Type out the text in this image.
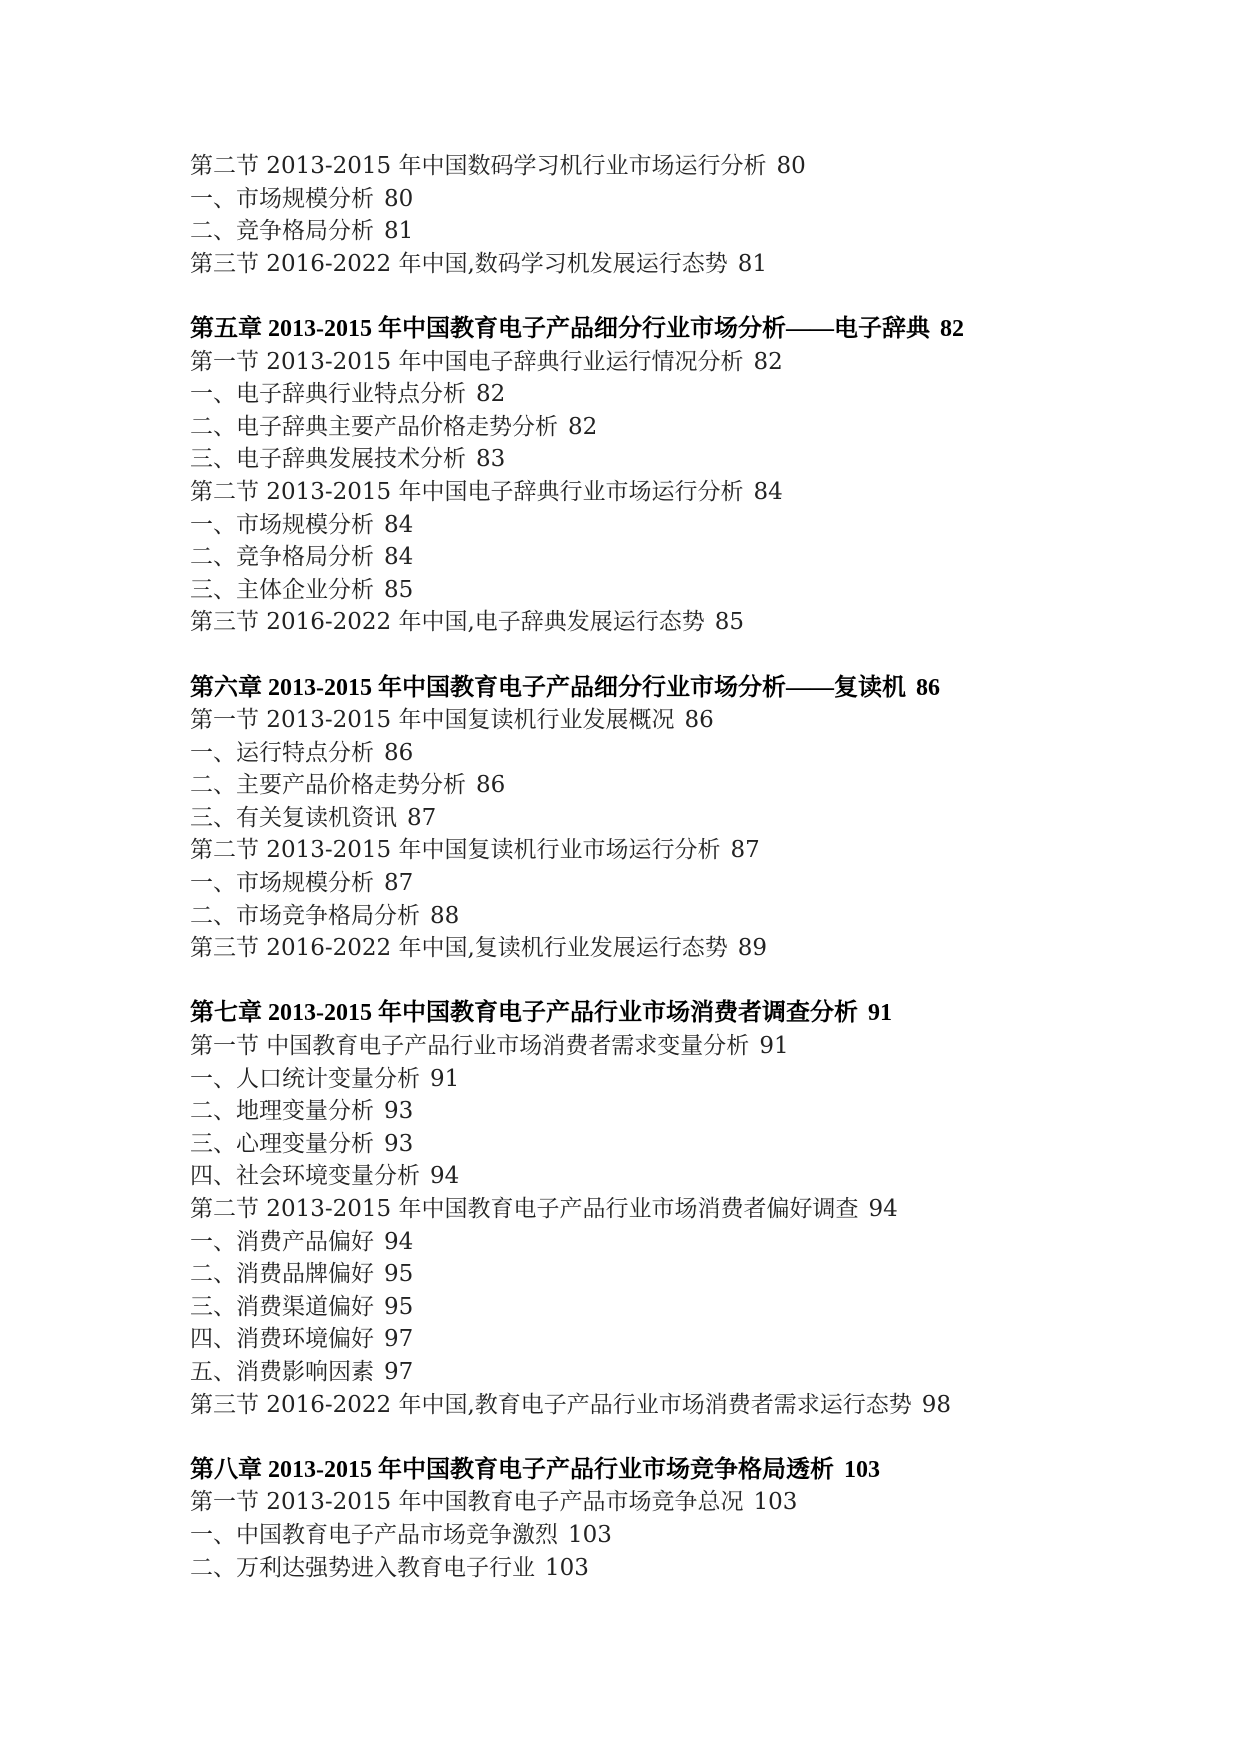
第二节 2013-2015 年中国数码学习机行业市场运行分析 80
一、市场规模分析 80
二、竞争格局分析 81
第三节 2016-2022 年中国,数码学习机发展运行态势 81
第五章 2013-2015 年中国教育电子产品细分行业市场分析——电子辞典 82
第一节 2013-2015 年中国电子辞典行业运行情况分析 82
一、电子辞典行业特点分析 82
二、电子辞典主要产品价格走势分析 82
三、电子辞典发展技术分析 83
第二节 2013-2015 年中国电子辞典行业市场运行分析 84
一、市场规模分析 84
二、竞争格局分析 84
三、主体企业分析 85
第三节 2016-2022 年中国,电子辞典发展运行态势 85
第六章 2013-2015 年中国教育电子产品细分行业市场分析——复读机 86
第一节 2013-2015 年中国复读机行业发展概况 86
一、运行特点分析 86
二、主要产品价格走势分析 86
三、有关复读机资讯 87
第二节 2013-2015 年中国复读机行业市场运行分析 87
一、市场规模分析 87
二、市场竞争格局分析 88
第三节 2016-2022 年中国,复读机行业发展运行态势 89
第七章 2013-2015 年中国教育电子产品行业市场消费者调查分析 91
第一节 中国教育电子产品行业市场消费者需求变量分析 91
一、人口统计变量分析 91
二、地理变量分析 93
三、心理变量分析 93
四、社会环境变量分析 94
第二节 2013-2015 年中国教育电子产品行业市场消费者偏好调查 94
一、消费产品偏好 94
二、消费品牌偏好 95
三、消费渠道偏好 95
四、消费环境偏好 97
五、消费影响因素 97
第三节 2016-2022 年中国,教育电子产品行业市场消费者需求运行态势 98
第八章 2013-2015 年中国教育电子产品行业市场竞争格局透析 103
第一节 2013-2015 年中国教育电子产品市场竞争总况 103
一、中国教育电子产品市场竞争激烈 103
二、万利达强势进入教育电子行业 103
